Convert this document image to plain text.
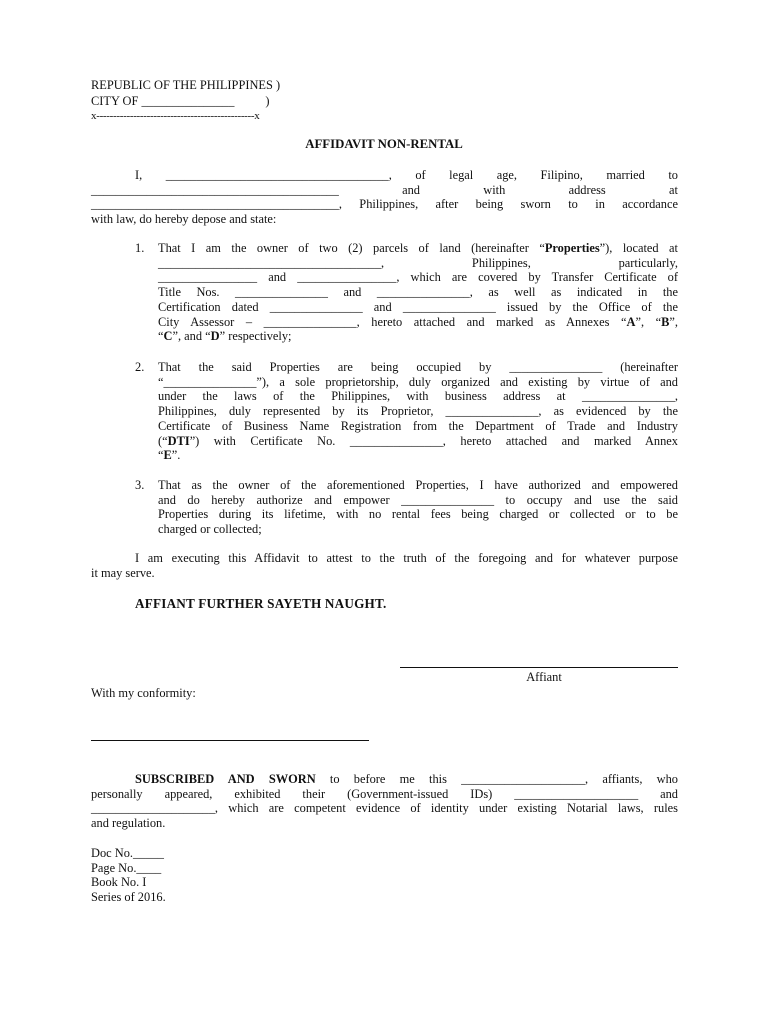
REPUBLIC OF THE PHILIPPINES )
CITY OF _______________          )
x-----------------------------------------------x
AFFIDAVIT NON-RENTAL
I, ____________________________________, of legal age, Filipino, married to
________________________________________ and with address at
________________________________________, Philippines, after being sworn to in accordance
with law, do hereby depose and state:
1.	That I am the owner of two (2) parcels of land (hereinafter “Properties”), located at
____________________________________, Philippines, particularly,
________________ and ________________, which are covered by Transfer Certificate of
Title Nos. _______________ and _______________, as well as indicated in the
Certification dated _______________ and _______________ issued by the Office of the
City Assessor – _______________, hereto attached and marked as Annexes “A”, “B”,
“C”, and “D” respectively;
2.	That the said Properties are being occupied by _______________ (hereinafter
“_______________”), a sole proprietorship, duly organized and existing by virtue of and
under the laws of the Philippines, with business address at _______________,
Philippines, duly represented by its Proprietor, _______________, as evidenced by the
Certificate of Business Name Registration from the Department of Trade and Industry
(“DTI”) with Certificate No. _______________, hereto attached and marked Annex
“E”.
3.	That as the owner of the aforementioned Properties, I have authorized and empowered
and do hereby authorize and empower _______________ to occupy and use the said
Properties during its lifetime, with no rental fees being charged or collected or to be
charged or collected;
I am executing this Affidavit to attest to the truth of the foregoing and for whatever purpose
it may serve.
AFFIANT FURTHER SAYETH NAUGHT.
Affiant
With my conformity:
SUBSCRIBED AND SWORN to before me this ____________________, affiants, who
personally appeared, exhibited their (Government-issued IDs) ____________________ and
____________________, which are competent evidence of identity under existing Notarial laws, rules
and regulation.
Doc No._____
Page No.____
Book No. I
Series of 2016.
